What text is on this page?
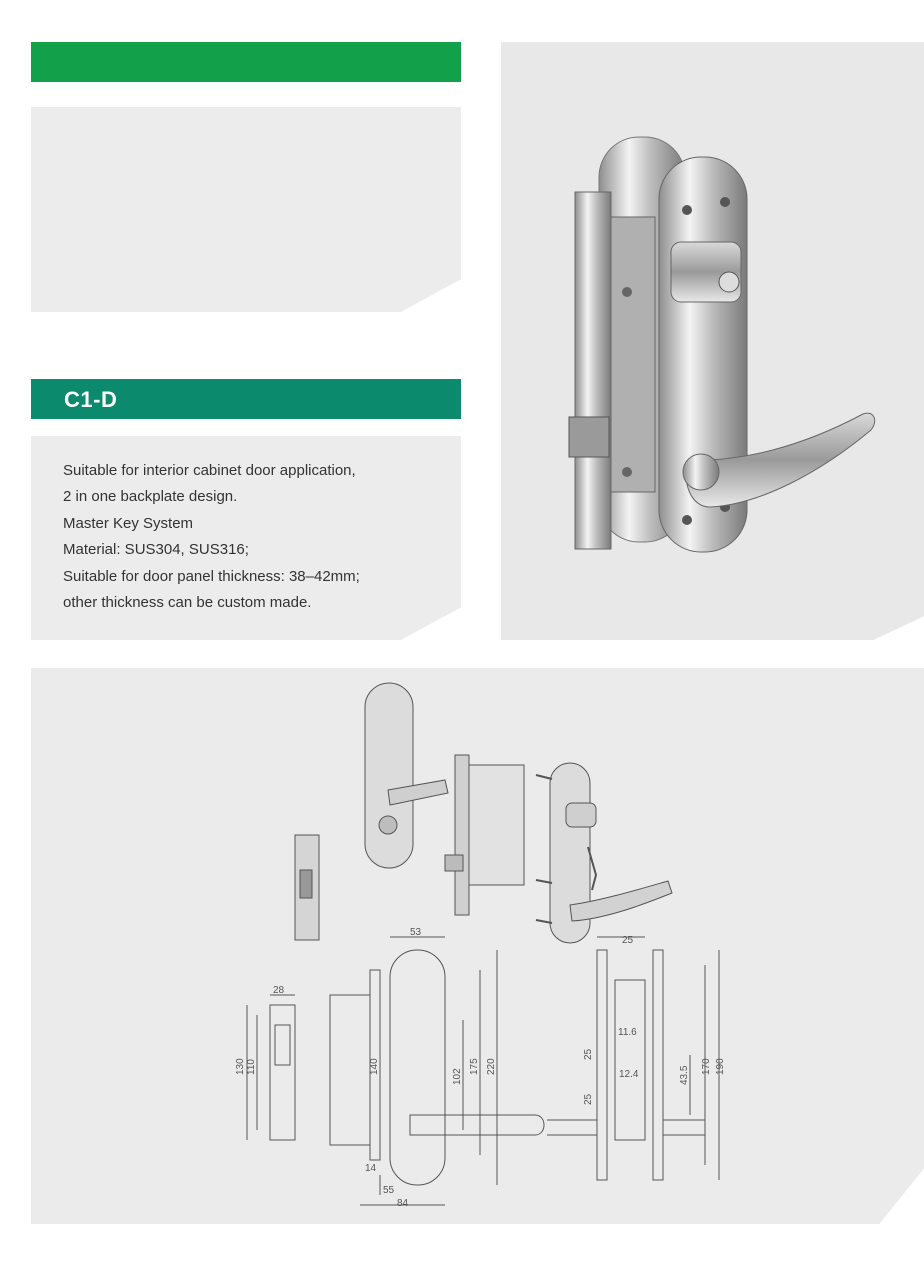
C1-D
Suitable for interior cabinet door application,
2 in one backplate design.
Master Key System
Material: SUS304, SUS316;
Suitable for door panel thickness: 38–42mm;
other thickness can be custom made.
28
130 110	140
53
102
175 220
14
55
84
25
11.6
25
12.4	43.5
25
170 190
